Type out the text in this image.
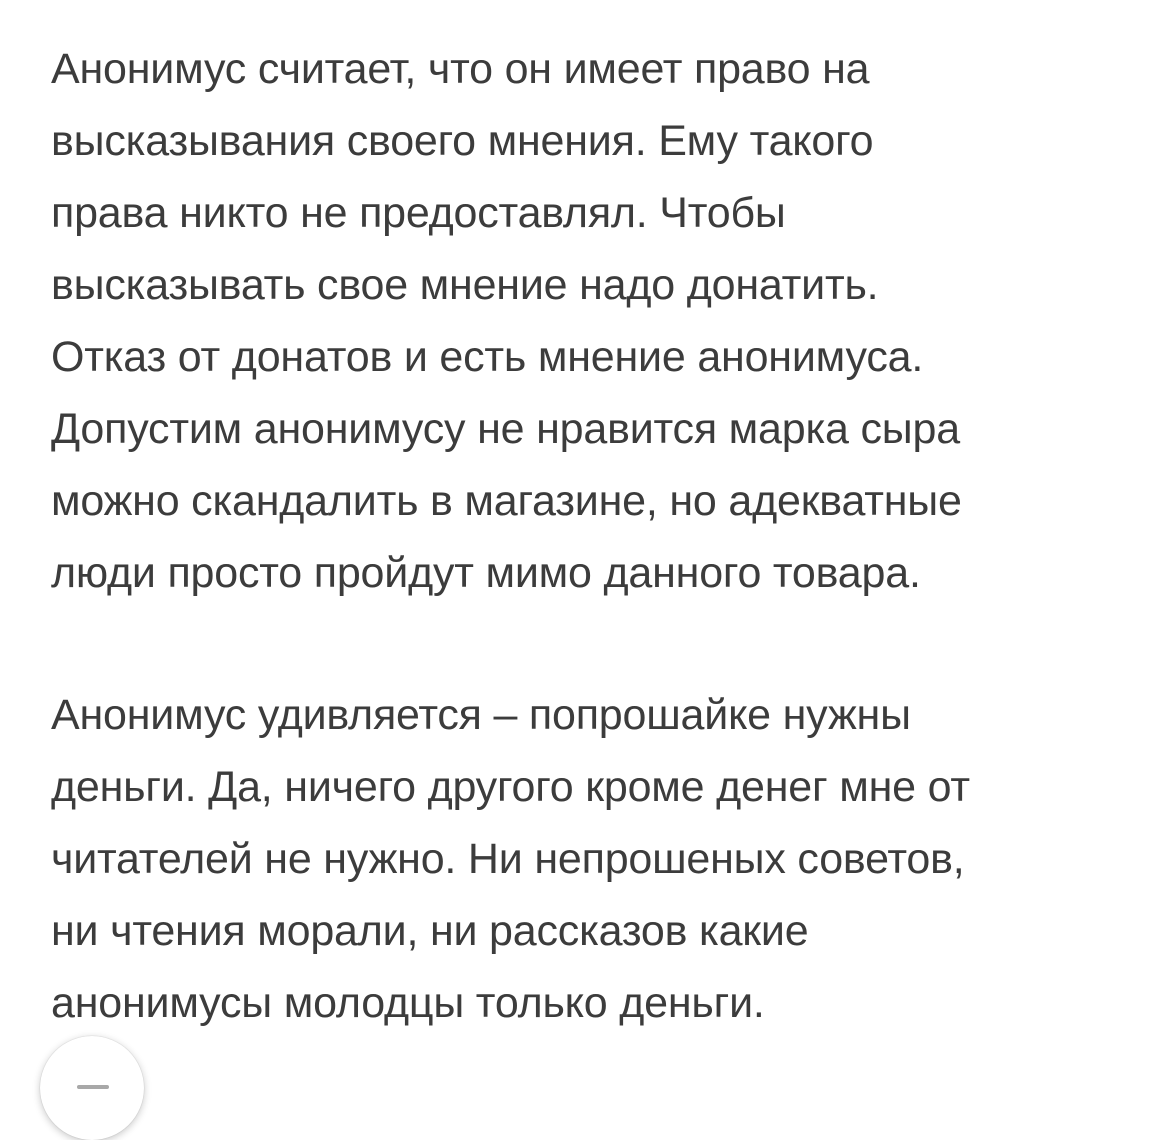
Анонимус считает, что он имеет право на
высказывания своего мнения. Ему такого
права никто не предоставлял. Чтобы
высказывать свое мнение надо донатить.
Отказ от донатов и есть мнение анонимуса.
Допустим анонимусу не нравится марка сыра
можно скандалить в магазине, но адекватные
люди просто пройдут мимо данного товара.
Анонимус удивляется – попрошайке нужны
деньги. Да, ничего другого кроме денег мне от
читателей не нужно. Ни непрошеных советов,
ни чтения морали, ни рассказов какие
анонимусы молодцы только деньги.
